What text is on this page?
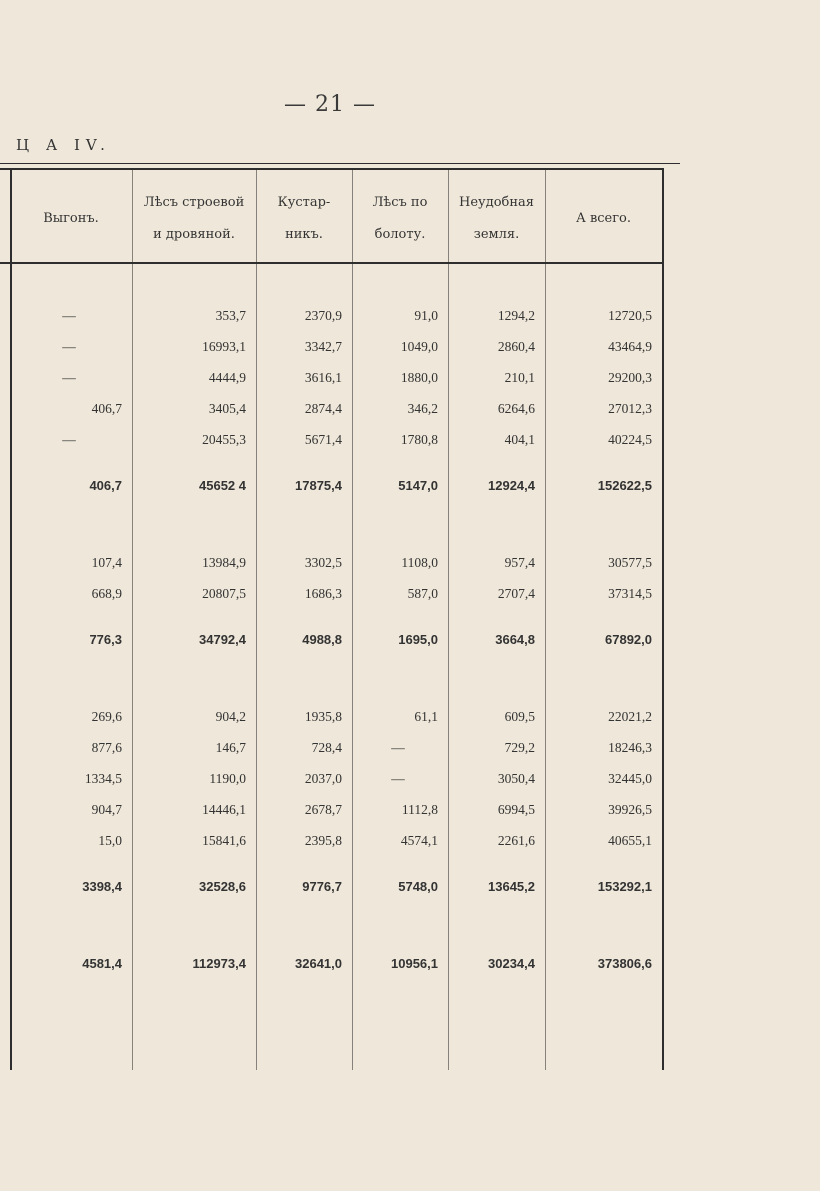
— 21 —
Ц А IV.
Выгонъ.
Лѣсъ строевой
и дровяной.
Кустар-
никъ.
Лѣсъ по
болоту.
Неудобная
земля.
А всего.
—	353,7	2370,9	91,0	1294,2	12720,5
—	16993,1	3342,7	1049,0	2860,4	43464,9
—	4444,9	3616,1	1880,0	210,1	29200,3
406,7	3405,4	2874,4	346,2	6264,6	27012,3
—	20455,3	5671,4	1780,8	404,1	40224,5
406,7	45652 4	17875,4	5147,0	12924,4	152622,5
107,4	13984,9	3302,5	1108,0	957,4	30577,5
668,9	20807,5	1686,3	587,0	2707,4	37314,5
776,3	34792,4	4988,8	1695,0	3664,8	67892,0
269,6	904,2	1935,8	61,1	609,5	22021,2
877,6	146,7	728,4	—	729,2	18246,3
1334,5	1190,0	2037,0	—	3050,4	32445,0
904,7	14446,1	2678,7	1112,8	6994,5	39926,5
15,0	15841,6	2395,8	4574,1	2261,6	40655,1
3398,4	32528,6	9776,7	5748,0	13645,2	153292,1
4581,4	112973,4	32641,0	10956,1	30234,4	373806,6
